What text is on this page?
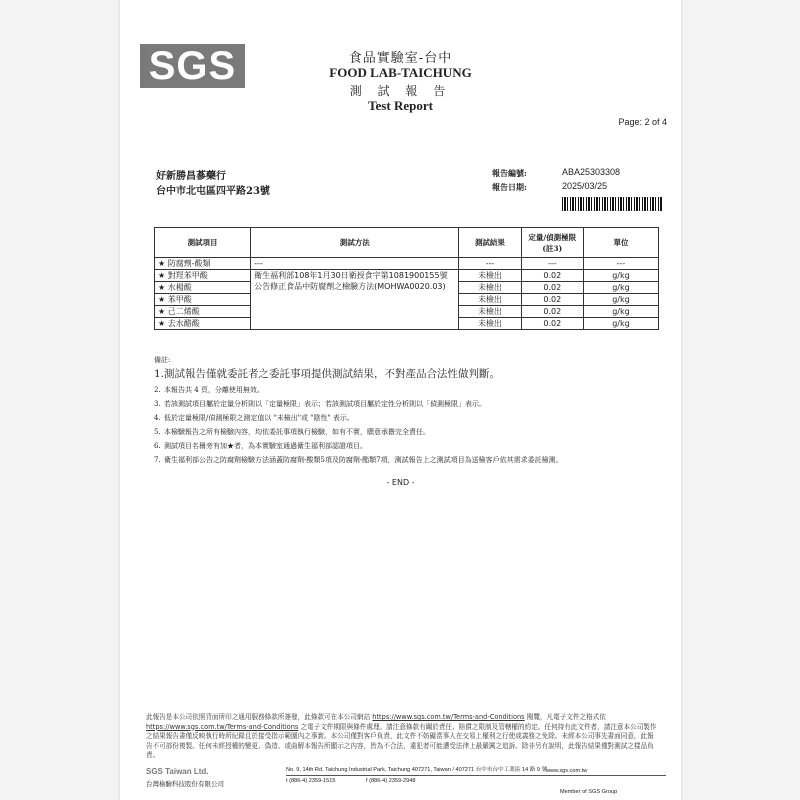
SGS	食品實驗室-台中
FOOD LAB-TAICHUNG
測 試 報 告
Test Report
Page: 2 of 4
好新勝昌蔘藥行
台中市北屯區四平路23號
報告編號:	ABA25303308
報告日期:	2025/03/25
測試項目	測試方法	測試結果	定量/偵測極限(註3)	單位
★ 防腐劑-酸類	---	---	---	---
★ 對羥苯甲酸	衛生福利部108年1月30日衛授食字第1081900155號公告修正食品中防腐劑之檢驗方法(MOHWA0020.03)	未檢出	0.02	g/kg
★ 水楊酸		未檢出	0.02	g/kg
★ 苯甲酸		未檢出	0.02	g/kg
★ 己二烯酸		未檢出	0.02	g/kg
★ 去水醋酸		未檢出	0.02	g/kg
備註:
1. 測試報告僅就委託者之委託事項提供測試結果，不對產品合法性做判斷。
2. 本報告共 4 頁，分離使用無效。
3. 若該測試項目屬於定量分析則以「定量極限」表示；若該測試項目屬於定性分析則以「偵測極限」表示。
4. 低於定量極限/偵測極限之測定值以 "未檢出"或 "陰性" 表示。
5. 本檢驗報告之所有檢驗內容，均依委託事項執行檢驗，如有不實，願意承擔完全責任。
6. 測試項目名稱旁有加★者，為本實驗室通過衛生福利部認證項目。
7. 衛生福利部公告之防腐劑檢驗方法涵蓋防腐劑-酸類5項及防腐劑-酯類7項，測試報告上之測試項目為送檢客戶依其需求委託檢測。
- END -
此報告是本公司依照背面所印之通用服務條款所簽發，此條款可在本公司網站 https://www.sgs.com.tw/Terms-and-Conditions 閱覽，凡電子文件之格式依 https://www.sgs.com.tw/Terms-and-Conditions 之電子文件期限與條件處理。請注意條款有關於責任、賠償之限制及管轄權的約定。任何持有此文件者，請注意本公司製作之結果報告書僅反映執行時所紀錄且於接受指示範圍內之事實。本公司僅對客戶負責，此文件不妨礙當事人在交易上權利之行使或義務之免除。未經本公司事先書面同意，此報告不可部份複製。任何未經授權的變更、偽造、或曲解本報告所顯示之內容，皆為不合法，違犯者可能遭受法律上最嚴厲之追訴。除非另有說明，此報告結果僅對測試之樣品負責。
SGS Taiwan Ltd.
台灣檢驗科技股份有限公司
No. 9, 14th Rd. Taichung Industrial Park, Taichung 407271, Taiwan / 407271 台中市台中工業區 14 路 9 號
t (886-4) 2359-1515	f (886-4) 2359-2948
www.sgs.com.tw
Member of SGS Group
